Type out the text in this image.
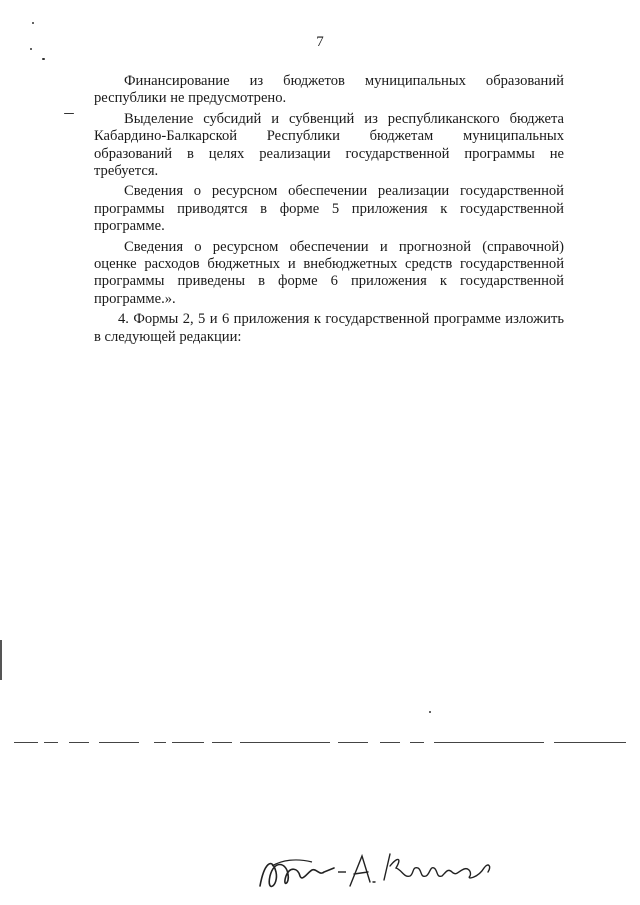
7

Финансирование из бюджетов муниципальных образований республики не предусмотрено.

Выделение субсидий и субвенций из республиканского бюджета Кабардино-Балкарской Республики бюджетам муниципальных образований в целях реализации государственной программы не требуется.

Сведения о ресурсном обеспечении реализации государственной программы приводятся в форме 5 приложения к государственной программе.

Сведения о ресурсном обеспечении и прогнозной (справочной) оценке расходов бюджетных и внебюджетных средств государственной программы приведены в форме 6 приложения к государственной программе.».

4. Формы 2, 5 и 6 приложения к государственной программе изложить в следующей редакции:
